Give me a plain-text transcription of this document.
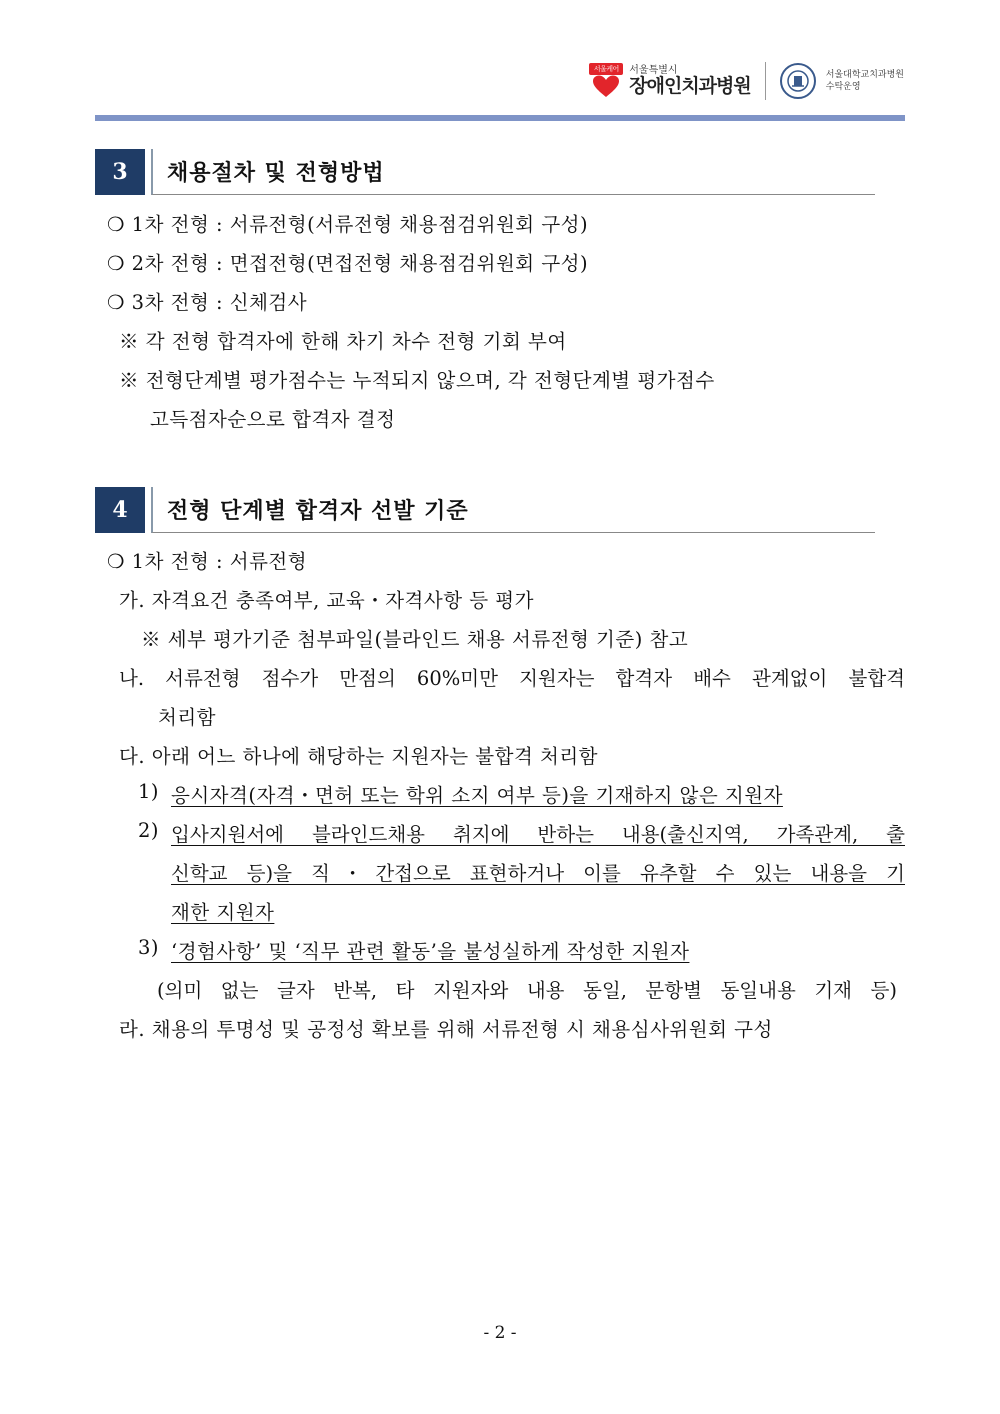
서울케어	서울특별시
장애인치과병원
서울대학교치과병원
수탁운영
3	채용절차 및 전형방법
❍ 1차 전형 : 서류전형(서류전형 채용점검위원회 구성)
❍ 2차 전형 : 면접전형(면접전형 채용점검위원회 구성)
❍ 3차 전형 : 신체검사
※ 각 전형 합격자에 한해 차기 차수 전형 기회 부여
※ 전형단계별 평가점수는 누적되지 않으며, 각 전형단계별 평가점수
고득점자순으로 합격자 결정
4	전형 단계별 합격자 선발 기준
❍ 1차 전형 : 서류전형
가. 자격요건 충족여부, 교육・자격사항 등 평가
※ 세부 평가기준 첨부파일(블라인드 채용 서류전형 기준) 참고
나. 서류전형 점수가 만점의 60%미만 지원자는 합격자 배수 관계없이 불합격
처리함
다. 아래 어느 하나에 해당하는 지원자는 불합격 처리함
1) 응시자격(자격・면허 또는 학위 소지 여부 등)을 기재하지 않은 지원자
2) 입사지원서에 블라인드채용 취지에 반하는 내용(출신지역, 가족관계, 출
신학교 등)을 직・간접으로 표현하거나 이를 유추할 수 있는 내용을 기
재한 지원자
3) ‘경험사항’ 및 ‘직무 관련 활동’을 불성실하게 작성한 지원자
(의미 없는 글자 반복, 타 지원자와 내용 동일, 문항별 동일내용 기재 등)
라. 채용의 투명성 및 공정성 확보를 위해 서류전형 시 채용심사위원회 구성
- 2 -
